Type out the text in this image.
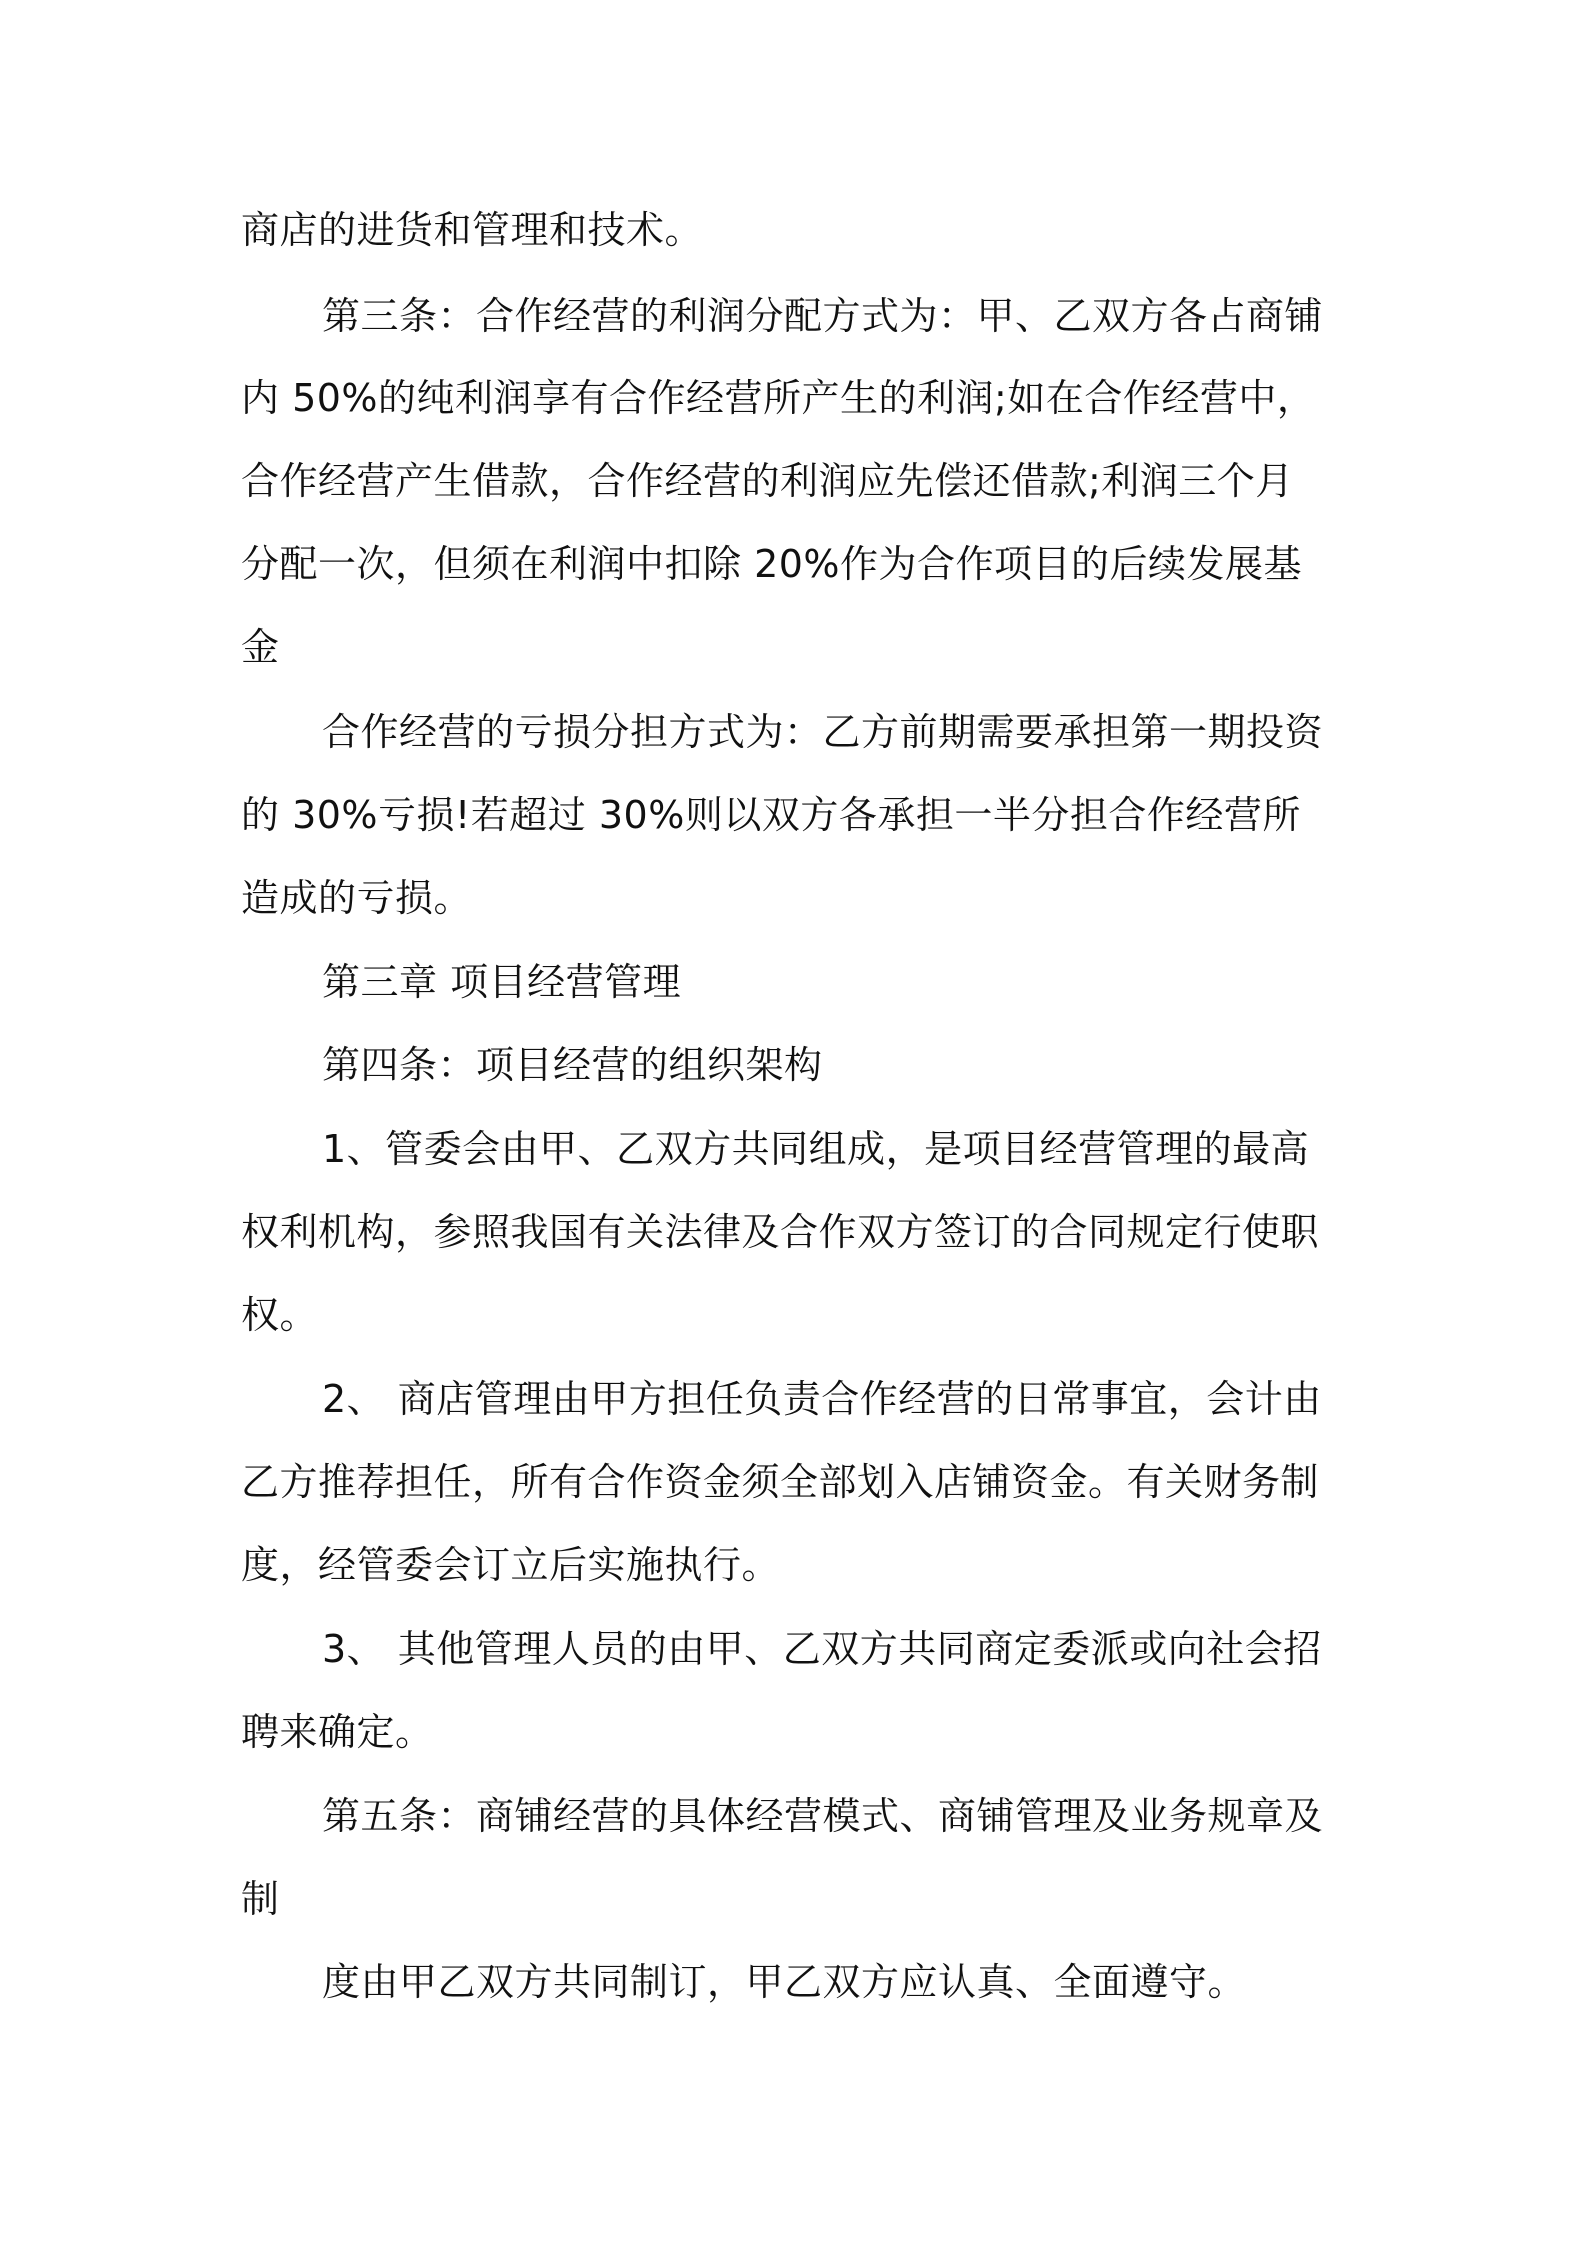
商店的进货和管理和技术。
第三条：合作经营的利润分配方式为：甲、乙双方各占商铺
内 50%的纯利润享有合作经营所产生的利润;如在合作经营中，
合作经营产生借款，合作经营的利润应先偿还借款;利润三个月
分配一次，但须在利润中扣除 20%作为合作项目的后续发展基
金
合作经营的亏损分担方式为：乙方前期需要承担第一期投资
的 30%亏损!若超过 30%则以双方各承担一半分担合作经营所
造成的亏损。
第三章 项目经营管理
第四条：项目经营的组织架构
1、管委会由甲、乙双方共同组成，是项目经营管理的最高
权利机构，参照我国有关法律及合作双方签订的合同规定行使职
权。
2、 商店管理由甲方担任负责合作经营的日常事宜，会计由
乙方推荐担任，所有合作资金须全部划入店铺资金。有关财务制
度，经管委会订立后实施执行。
3、 其他管理人员的由甲、乙双方共同商定委派或向社会招
聘来确定。
第五条：商铺经营的具体经营模式、商铺管理及业务规章及
制
度由甲乙双方共同制订，甲乙双方应认真、全面遵守。
